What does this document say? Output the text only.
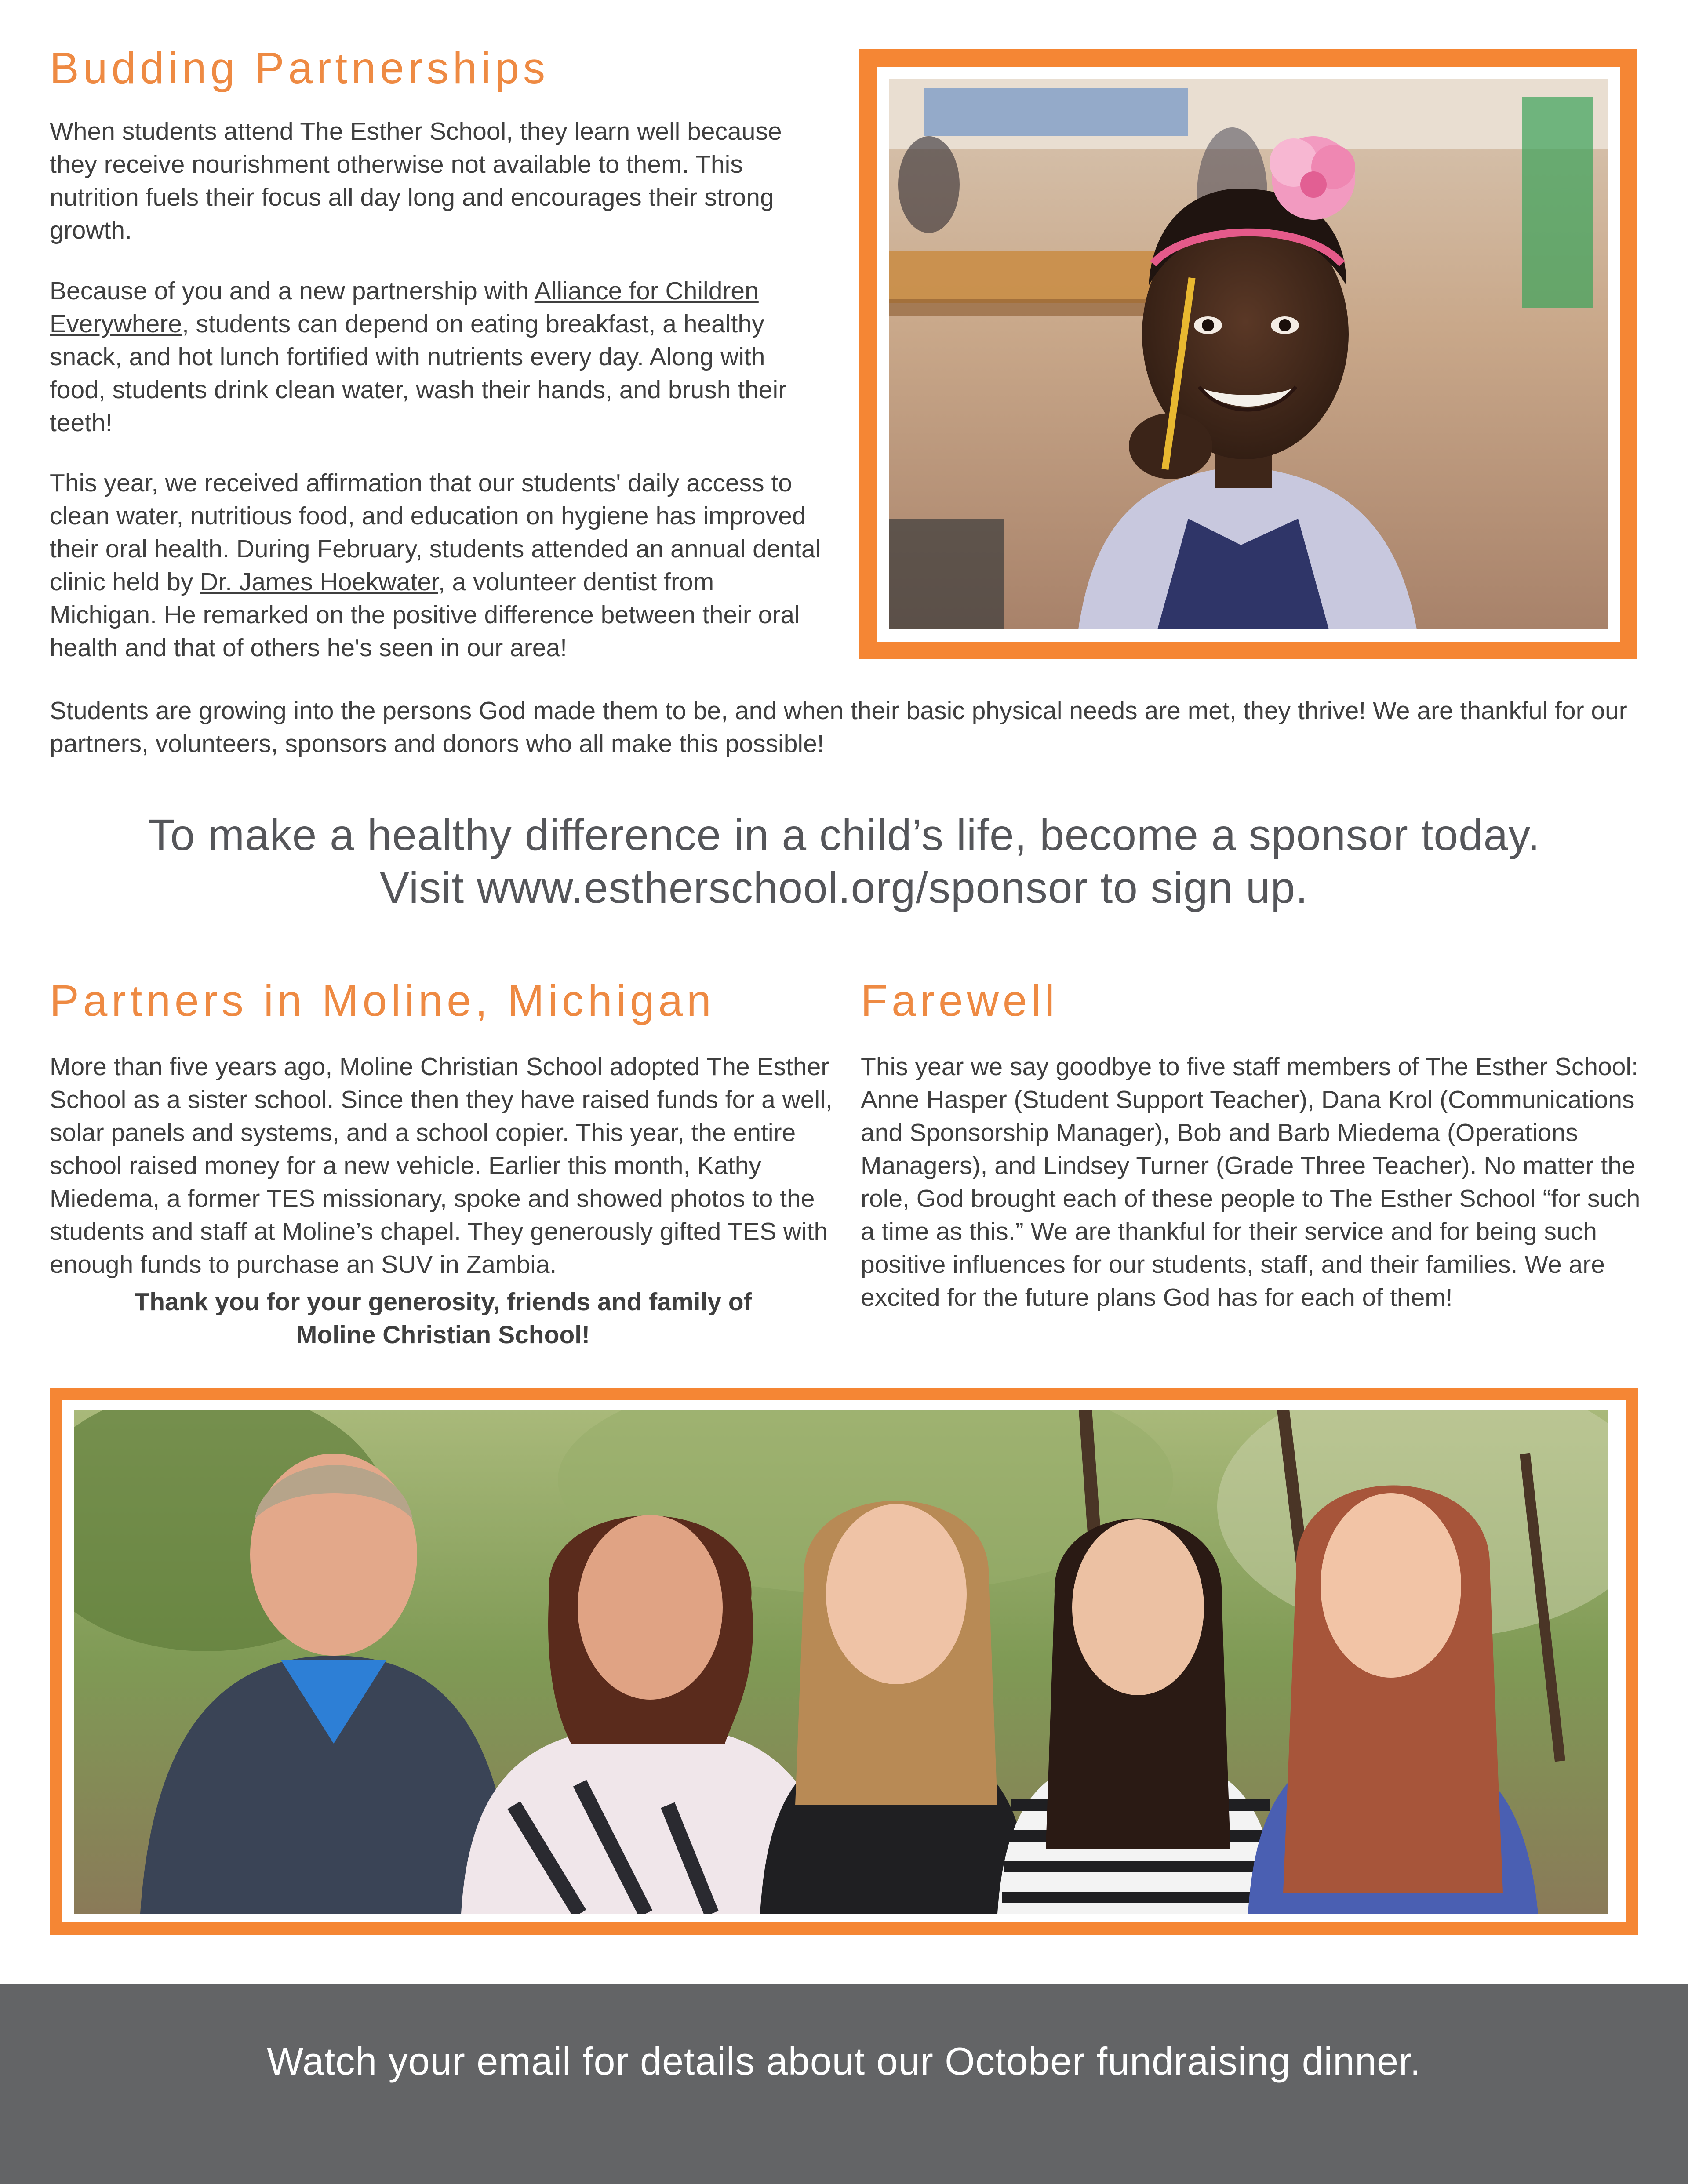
Budding Partnerships

When students attend The Esther School, they learn well because they receive nourishment otherwise not available to them. This nutrition fuels their focus all day long and encourages their strong growth.

Because of you and a new partnership with Alliance for Children Everywhere, students can depend on eating breakfast, a healthy snack, and hot lunch fortified with nutrients every day. Along with food, students drink clean water, wash their hands, and brush their teeth!

This year, we received affirmation that our students' daily access to clean water, nutritious food, and education on hygiene has improved their oral health. During February, students attended an annual dental clinic held by Dr. James Hoekwater, a volunteer dentist from Michigan. He remarked on the positive difference between their oral health and that of others he's seen in our area!

Students are growing into the persons God made them to be, and when their basic physical needs are met, they thrive! We are thankful for our partners, volunteers, sponsors and donors who all make this possible!

To make a healthy difference in a child’s life, become a sponsor today.
Visit www.estherschool.org/sponsor to sign up.
Partners in Moline, Michigan

More than five years ago, Moline Christian School adopted The Esther School as a sister school. Since then they have raised funds for a well, solar panels and systems, and a school copier. This year, the entire school raised money for a new vehicle. Earlier this month, Kathy Miedema, a former TES missionary, spoke and showed photos to the students and staff at Moline’s chapel. They generously gifted TES with enough funds to purchase an SUV in Zambia.

Thank you for your generosity, friends and family of
Moline Christian School!
Farewell

This year we say goodbye to five staff members of The Esther School: Anne Hasper (Student Support Teacher), Dana Krol (Communications and Sponsorship Manager), Bob and Barb Miedema (Operations Managers), and Lindsey Turner (Grade Three Teacher). No matter the role, God brought each of these people to The Esther School “for such a time as this.” We are thankful for their service and for being such positive influences for our students, staff, and their families. We are excited for the future plans God has for each of them!

Watch your email for details about our October fundraising dinner.
